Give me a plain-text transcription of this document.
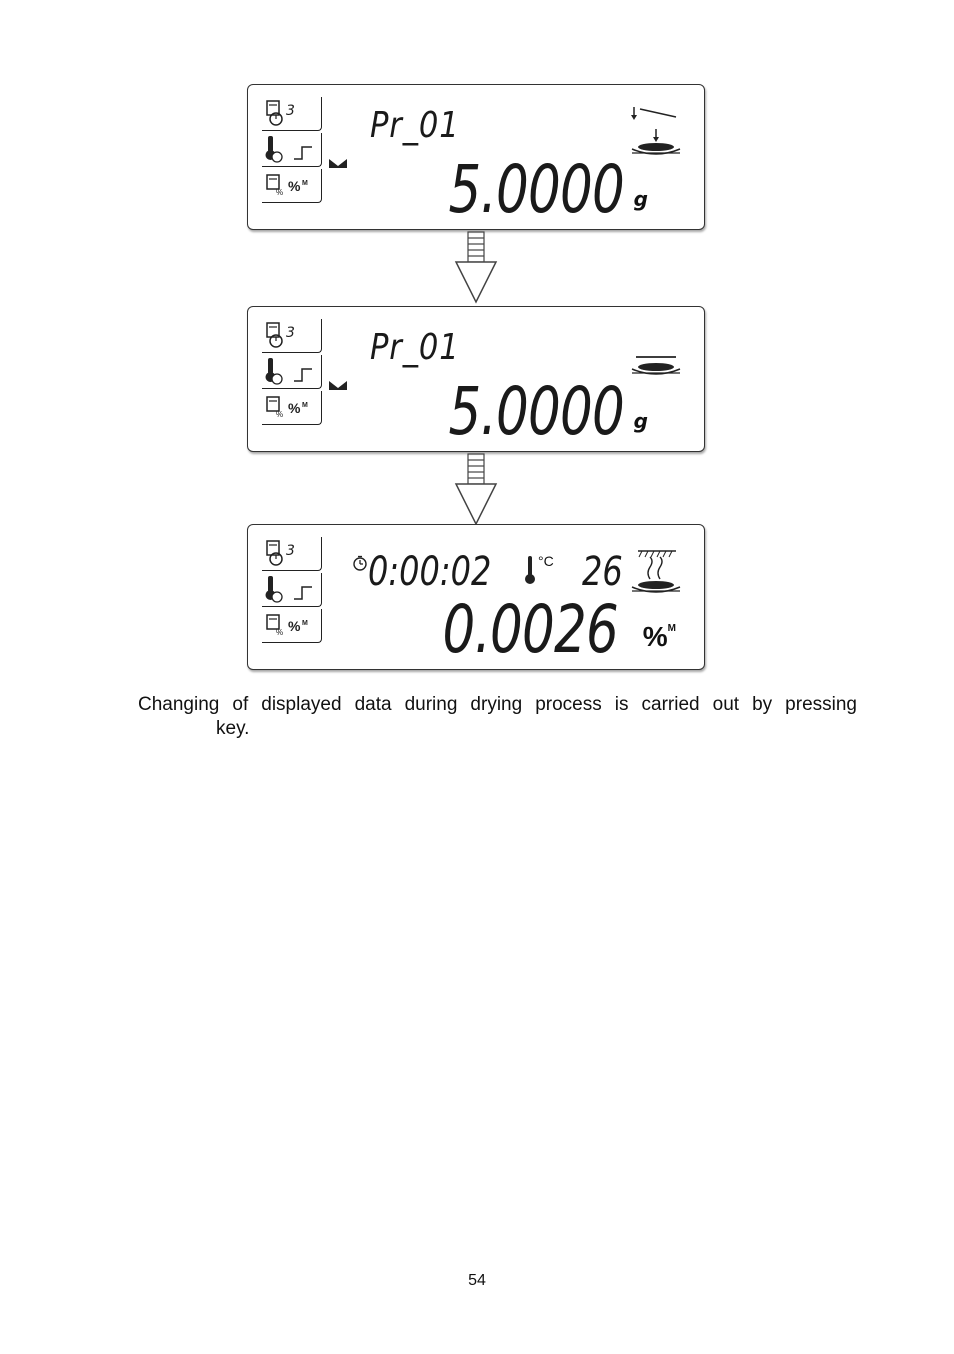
3
% % M
Pr_01
5.0000 g
3
% % M
Pr_01
5.0000 g
3
% % M
0:00:02	°C 26
0.0026 %$^M$
Changing of displayed data during drying process is carried out by pressing
key.
54
